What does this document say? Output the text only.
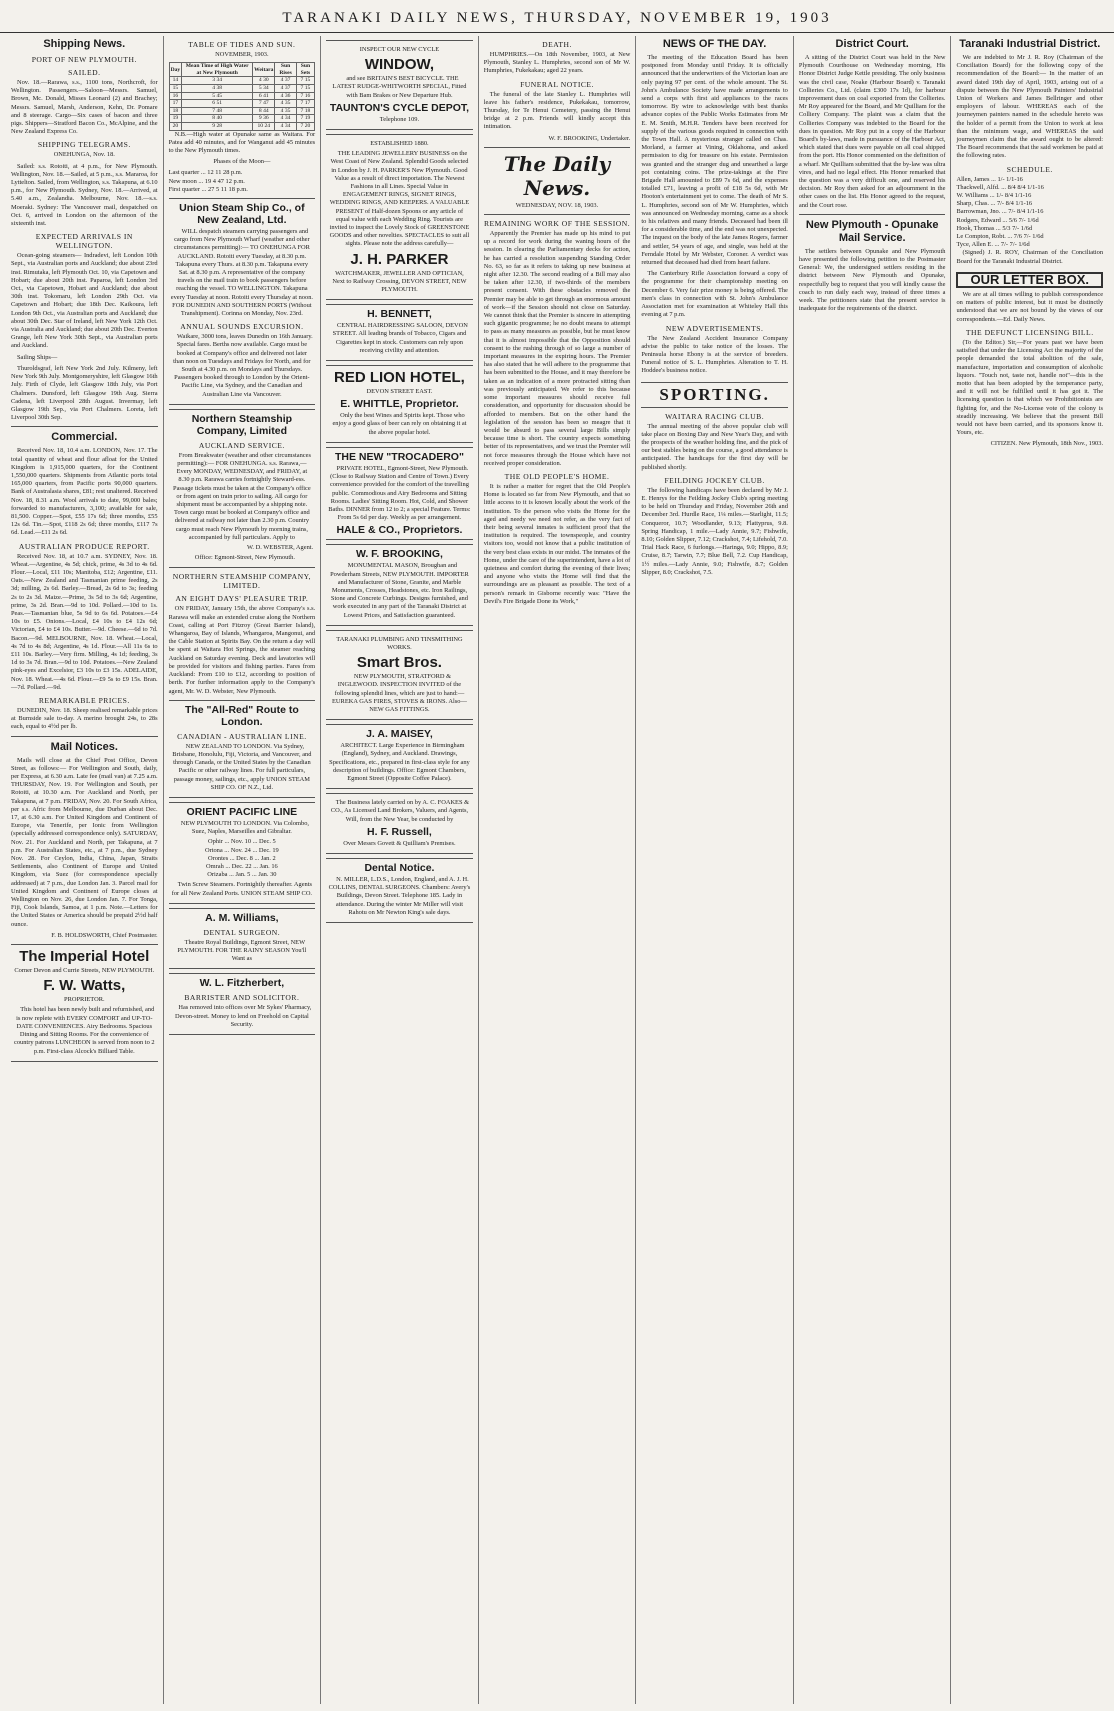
TARANAKI DAILY NEWS, THURSDAY, NOVEMBER 19, 1903
Shipping News.
PORT OF NEW PLYMOUTH.
SAILED.

Nov. 18.—Rarawa, s.s., 1100 tons, Northcroft, for Wellington. Passengers.—Saloon—Messrs. Samuel, Brown, Mc. Donald, Misses Leonard (2) and Brachey; Messrs. Samuel, Marsh, Anderson, Kehn, Dr. Pomare and 8 steerage. Cargo—Six cases of bacon and three pigs. Shippers—Stratford Bacon Co., McAlpine, and the New Zealand Express Co.

SHIPPING TELEGRAMS.

ONEHUNGA, Nov. 18.

Sailed: s.s. Rotoiti, at 4 p.m., for New Plymouth. Wellington, Nov. 18.—Sailed, at 5 p.m., s.s. Mararoa, for Lyttelton. Sailed, from Wellington, s.s. Takapuna, at 6.10 p.m., for New Plymouth. Sydney, Nov. 18.—Arrived, at 5.40 a.m., Zealandia. Melbourne, Nov. 18.—s.s. Moeraki. Sydney: The Vancouver mail, despatched on Oct. 6, arrived in London on the afternoon of the sixteenth inst.

EXPECTED ARRIVALS IN WELLINGTON.

Ocean-going steamers— Indradevi, left London 10th Sept., via Australian ports and Auckland; due about 23rd inst. Rimutaka, left Plymouth Oct. 10, via Capetown and Hobart; due about 20th inst. Paparoa, left London 3rd Oct., via Capetown, Hobart and Auckland; due about 30th inst. Tokomaru, left London 29th Oct. via Capetown and Hobart; due 18th Dec. Kaikoura, left London 9th Oct., via Australian ports and Auckland; due about 30th Dec. Star of Ireland, left New York 12th Oct. via Australia and Auckland; due about 20th Dec. Everton Grange, left New York 30th Sept., via Australian ports and Auckland.

Sailing Ships—

Thuroldsgraf, left New York 2nd July. Kilmeny, left New York 9th July. Montgomeryshire, left Glasgow 16th July. Firth of Clyde, left Glasgow 18th July, via Port Chalmers. Dunsford, left Glasgow 19th Aug. Sierra Cadena, left Liverpool 28th August. Invermay, left Glasgow 19th Sep., via Port Chalmers. Loreta, left Liverpool 30th Sep.

Commercial.

Received Nov. 18, 10.4 a.m. LONDON, Nov. 17. The total quantity of wheat and flour afloat for the United Kingdom is 1,915,000 quarters, for the Continent 1,550,000 quarters. Shipments from Atlantic ports total 165,000 quarters, from Pacific ports 90,000 quarters. Bank of Australasia shares, £81; rest unaltered. Received Nov. 18, 8.31 a.m. Wool arrivals to date, 99,000 bales; forwarded to manufacturers, 3,100; available for sale, 81,500. Copper.—Spot, £55 17s 6d; three months, £55 12s 6d. Tin.—Spot, £118 2s 6d; three months, £117 7s 6d. Lead.—£11 2s 6d.

AUSTRALIAN PRODUCE REPORT.

Received Nov. 18, at 10.7 a.m. SYDNEY, Nov. 18. Wheat.—Argentine, 4s 5d; chick, prime, 4s 3d to 4s 6d. Flour.—Local, £11 10s; Manitoba, £12; Argentine, £11. Oats.—New Zealand and Tasmanian prime feeding, 2s 3d; milling, 2s 6d. Barley.—Bread, 2s 6d to 3s; feeding 2s to 2s 3d. Maize.—Prime, 3s 5d to 3s 6d; Argentine, prime, 3s 2d. Bran.—9d to 10d. Pollard.—10d to 1s. Peas.—Tasmanian blue, 5s 9d to 6s 6d. Potatoes.—£4 10s to £5. Onions.—Local, £4 10s to £4 12s 6d; Victorian, £4 to £4 10s. Butter.—9d. Cheese.—6d to 7d. Bacon.—9d. MELBOURNE, Nov. 18. Wheat.—Local, 4s 7d to 4s 8d; Argentine, 4s 1d. Flour.—All 11s 6s to £11 10s. Barley.—Very firm. Milling, 4s 1d; feeding, 3s 1d to 3s 7d. Bran.—9d to 10d. Potatoes.—New Zealand pink-eyes and Excelsior, £3 10s to £3 15s. ADELAIDE, Nov. 18. Wheat.—4s 6d. Flour.—£9 5s to £9 15s. Bran.—7d. Pollard.—9d.

REMARKABLE PRICES.

DUNEDIN, Nov. 18. Sheep realised remarkable prices at Burnside sale to-day. A merino brought 24s, to 28s each, equal to 4½d per lb.

Mail Notices.

Mails will close at the Chief Post Office, Devon Street, as follows:— For Wellington and South, daily, per Express, at 6.30 a.m. Late fee (mail van) at 7.25 a.m. THURSDAY, Nov. 19. For Wellington and South, per Rotoiti, at 10.30 a.m. For Auckland and North, per Takapuna, at 7 p.m. FRIDAY, Nov. 20. For South Africa, per s.s. Afric from Melbourne, due Durban about Dec. 17, at 6.30 a.m. For United Kingdom and Continent of Europe, via Tenerife, per Ionic from Wellington (specially addressed correspondence only). SATURDAY, Nov. 21. For Auckland and North, per Takapuna, at 7 p.m. For Australian States, etc., at 7 p.m., due Sydney Nov. 28. For Ceylon, India, China, Japan, Straits Settlements, also Continent of Europe and United Kingdom, via Suez (for correspondence specially addressed) at 7 p.m., due London Jan. 3. Parcel mail for United Kingdom and Continent of Europe closes at Wellington on Nov. 26, due London Jan. 7. For Tonga, Fiji, Cook Islands, Samoa, at 1 p.m. Note.—Letters for the United States or America should be prepaid 2½d half ounce.

F. B. HOLDSWORTH, Chief Postmaster.

The Imperial Hotel

Corner Devon and Currie Streets, NEW PLYMOUTH.

F. W. Watts,

PROPRIETOR.

This hotel has been newly built and refurnished, and is now replete with EVERY COMFORT and UP-TO-DATE CONVENIENCES. Airy Bedrooms. Spacious Dining and Sitting Rooms. For the convenience of country patrons LUNCHEON is served from noon to 2 p.m. First-class Alcock's Billiard Table.

TABLE OF TIDES AND SUN.

NOVEMBER, 1903.

Day	Mean Time of High Water at New Plymouth	Weitara	Sun Rises	Sun Sets
14	3 34	4 30	4 37	7 15
15	4 38	5 34	4 37	7 15
16	5 45	6 41	4 36	7 16
17	6 51	7 47	4 35	7 17
18	7 48	8 44	4 35	7 18
19	8 40	9 36	4 34	7 19
20	9 28	10 24	4 34	7 20

N.B.—High water at Opunake same as Waitara. For Patea add 40 minutes, and for Wanganui add 45 minutes to the New Plymouth times.

Phases of the Moon—

Last quarter ... 12 11 28 p.m.
New moon ... 19 4 47 12 p.m.
First quarter ... 27 5 11 18 p.m.
Union Steam Ship Co., of New Zealand, Ltd.

WILL despatch steamers carrying passengers and cargo from New Plymouth Wharf (weather and other circumstances permitting):— TO ONEHUNGA FOR AUCKLAND. Rotoiti every Tuesday, at 8.30 p.m. Takapuna every Thurs. at 8.30 p.m. Takapuna every Sat. at 8.30 p.m. A representative of the company travels on the mail train to book passengers before reaching the vessel. TO WELLINGTON. Takapuna every Tuesday at noon. Rotoiti every Thursday at noon. FOR DUNEDIN AND SOUTHERN PORTS (Without Transhipment). Corinna on Monday, Nov. 23rd.

ANNUAL SOUNDS EXCURSION.

Waikare, 3000 tons, leaves Dunedin on 16th January. Special fares. Berths now available. Cargo must be booked at Company's office and delivered not later than noon on Tuesdays and Fridays for North, and for South at 4.30 p.m. on Mondays and Thursdays. Passengers booked through to London by the Orient-Pacific Line, via Sydney, and the Canadian and Australian Line via Vancouver.

Northern Steamship Company, Limited
AUCKLAND SERVICE.

From Breakwater (weather and other circumstances permitting):— FOR ONEHUNGA. s.s. Rarawa,— Every MONDAY, WEDNESDAY, and FRIDAY, at 8.30 p.m. Rarawa carries fortnightly Steward-ess. Passage tickets must be taken at the Company's office or from agent on train prior to sailing. All cargo for shipment must be accompanied by a shipping note. Town cargo must be booked at Company's office and delivered at railway not later than 2.30 p.m. Country cargo must reach New Plymouth by morning trains, accompanied by full particulars. Apply to

W. D. WEBSTER, Agent.

Office: Egmont-Street, New Plymouth.

NORTHERN STEAMSHIP COMPANY, LIMITED.
AN EIGHT DAYS' PLEASURE TRIP.

ON FRIDAY, January 15th, the above Company's s.s. Rarawa will make an extended cruise along the Northern Coast, calling at Port Fitzroy (Great Barrier Island), Whangaroa, Bay of Islands, Whangaroa, Mangonui, and the Cable Station at Spirits Bay. On the return a day will be spent at Waitara Hot Springs, the steamer reaching Auckland on Saturday evening. Deck and lavatories will be provided for visitors and fishing parties. Fares from Auckland: From £10 to £12, according to position of berth. For further information apply to the Company's agent, Mr. W. D. Webster, New Plymouth.

The "All-Red" Route to London.
CANADIAN - AUSTRALIAN LINE.

NEW ZEALAND TO LONDON. Via Sydney, Brisbane, Honolulu, Fiji, Victoria, and Vancouver, and through Canada, or the United States by the Canadian Pacific or other railway lines. For full particulars, passage money, sailings, etc., apply UNION STEAM SHIP CO. OF N.Z., Ltd.

ORIENT PACIFIC LINE

NEW PLYMOUTH TO LONDON. Via Colombo, Suez, Naples, Marseilles and Gibraltar.

Ophir ... Nov. 10 ... Dec. 5
Ortona ... Nov. 24 ... Dec. 19
Orontes ... Dec. 8 ... Jan. 2
Omrah ... Dec. 22 ... Jan. 16
Orizaba ... Jan. 5 ... Jan. 30

Twin Screw Steamers. Fortnightly thereafter. Agents for all New Zealand Ports. UNION STEAM SHIP CO.

A. M. Williams,
DENTAL SURGEON.

Theatre Royal Buildings, Egmont Street, NEW PLYMOUTH. FOR THE RAINY SEASON You'll Want as

W. L. Fitzherbert,
BARRISTER AND SOLICITOR.

Has removed into offices over Mr Sykes' Pharmacy, Devon-street. Money to lend on Freehold on Capital Security.

INSPECT OUR NEW CYCLE

WINDOW,

and see BRITAIN'S BEST BICYCLE. THE LATEST RUDGE-WHITWORTH SPECIAL, Fitted with Bam Brakes or New Departure Hub.

TAUNTON'S CYCLE DEPOT,

Telephone 109.

ESTABLISHED 1880.

THE LEADING JEWELLERY BUSINESS on the West Coast of New Zealand. Splendid Goods selected in London by J. H. PARKER'S New Plymouth. Good Value as a result of direct importation. The Newest Fashions in all Lines. Special Value in ENGAGEMENT RINGS, SIGNET RINGS, WEDDING RINGS, AND KEEPERS. A VALUABLE PRESENT of Half-dozen Spoons or any article of equal value with each Wedding Ring. Tourists are invited to inspect the Lovely Stock of GREENSTONE GOODS and other novelties. SPECTACLES to suit all sights. Please note the address carefully—

J. H. PARKER

WATCHMAKER, JEWELLER AND OPTICIAN, Next to Railway Crossing, DEVON STREET, NEW PLYMOUTH.

H. BENNETT,

CENTRAL HAIRDRESSING SALOON, DEVON STREET. All leading brands of Tobacco, Cigars and Cigarettes kept in stock. Customers can rely upon receiving civility and attention.

RED LION HOTEL,

DEVON STREET EAST.

E. WHITTLE, Proprietor.

Only the best Wines and Spirits kept. Those who enjoy a good glass of beer can rely on obtaining it at the above popular hotel.

THE NEW "TROCADERO"

PRIVATE HOTEL, Egmont-Street, New Plymouth. (Close to Railway Station and Centre of Town.) Every convenience provided for the comfort of the travelling public. Commodious and Airy Bedrooms and Sitting Rooms. Ladies' Sitting Room. Hot, Cold, and Shower Baths. DINNER from 12 to 2; a special Feature. Terms: From 5s 6d per day. Weekly as per arrangement.

HALE & CO., Proprietors.
W. F. BROOKING,

MONUMENTAL MASON, Broughan and Powderham Streets, NEW PLYMOUTH. IMPORTER and Manufacturer of Stone, Granite, and Marble Monuments, Crosses, Headstones, etc. Iron Railings, Stone and Concrete Curbings. Designs furnished, and work executed in any part of the Taranaki District at Lowest Prices, and Satisfaction guaranteed.

TARANAKI PLUMBING AND TINSMITHING WORKS.

Smart Bros.

NEW PLYMOUTH, STRATFORD & INGLEWOOD. INSPECTION INVITED of the following splendid lines, which are just to hand:— EUREKA GAS FIRES, STOVES & IRONS. Also—NEW GAS FITTINGS.

J. A. MAISEY,

ARCHITECT. Large Experience in Birmingham (England), Sydney, and Auckland. Drawings, Specifications, etc., prepared in first-class style for any description of buildings. Office: Egmont Chambers, Egmont Street (Opposite Coffee Palace).

The Business lately carried on by A. C. FOAKES & CO., As Licensed Land Brokers, Valuers, and Agents, Will, from the New Year, be conducted by

H. F. Russell,

Over Messrs Govett & Quilliam's Premises.

Dental Notice.

N. MILLER, L.D.S., London, England, and A. J. H. COLLINS, DENTAL SURGEONS. Chambers: Avery's Buildings, Devon Street. Telephone 185. Lady in attendance. During the winter Mr Miller will visit Rahotu on Mr Newton King's sale days.

DEATH.

HUMPHRIES.—On 18th November, 1903, at New Plymouth, Stanley L. Humphries, second son of Mr W. Humphries, Fukekakau; aged 22 years.

FUNERAL NOTICE.

The funeral of the late Stanley L. Humphries will leave his father's residence, Pukekakau, tomorrow, Thursday, for Te Henui Cemetery, passing the Henui bridge at 2 p.m. Friends will kindly accept this intimation.

W. F. BROOKING, Undertaker.

The Daily News.

WEDNESDAY, NOV. 18, 1903.

REMAINING WORK OF THE SESSION.

Apparently the Premier has made up his mind to put up a record for work during the waning hours of the session. In clearing the Parliamentary decks for action, he has carried a resolution suspending Standing Order No. 63, so far as it refers to taking up new business at night after 12.30. The second reading of a Bill may also be taken after 12.30, if two-thirds of the members present consent. With these obstacles removed the Premier may be able to get through an enormous amount of work—if the Session should not close on Saturday. We cannot think that the Premier is sincere in attempting such gigantic programme; he no doubt means to attempt to pass as many measures as possible, but he must know that it is almost impossible that the Opposition should consent to the rushing through of so large a number of important measures in the expiring hours. The Premier has also stated that he will adhere to the programme that has been submitted to the House, and it may therefore be taken as an indication of a more protracted sitting than was previously anticipated. We refer to this because some important measures should receive full consideration, and opportunity for discussion should be afforded to members. But on the other hand the legislation of the session has been so meagre that it would be absurd to pass several large Bills simply because time is short. The country expects something better of its representatives, and we trust the Premier will not force measures through the House which have not received proper consideration.

THE OLD PEOPLE'S HOME.

It is rather a matter for regret that the Old People's Home is located so far from New Plymouth, and that so little access to it is known locally about the work of the institution. To the person who visits the Home for the aged and needy we need not refer, as the very fact of their being several inmates is sufficient proof that the institution is required. The townspeople, and country visitors too, would not know that a public institution of the very best class exists in our midst. The inmates of the Home, under the care of the superintendent, have a lot of quietness and comfort during the evening of their lives; and anyone who visits the Home will find that the surroundings are as pleasant as possible. The text of a person's remark in Gisborne recently was: "Have the Devil's Fire Brigade Done its Work,"

NEWS OF THE DAY.

The meeting of the Education Board has been postponed from Monday until Friday. It is officially announced that the underwriters of the Victorian loan are only paying 97 per cent. of the whole amount. The St. John's Ambulance Society have made arrangements to send a corps with first aid appliances to the races tomorrow. By wire to acknowledge with best thanks advance copies of the Public Works Estimates from Mr E. M. Smith, M.H.R. Tenders have been received for supply of the various goods required in connection with the Town Hall. A mysterious stranger called on Chas. Morland, a farmer at Vining, Oklahoma, and asked permission to dig for treasure on his estate. Permission was granted and the stranger dug and unearthed a large pot containing coins. The prize-takings at the Fire Brigade Hall amounted to £89 7s 6d, and the expenses totalled £71, leaving a profit of £18 5s 6d, with Mr Hooton's entertainment yet to come. The death of Mr S. L. Humphries, second son of Mr W. Humphries, which was announced on Wednesday morning, came as a shock to his relatives and many friends. Deceased had been ill for a considerable time, and the end was not unexpected. The inquest on the body of the late James Rogers, farmer and settler, 54 years of age, and single, was held at the Ferndale Hotel by Mr Webster, Coroner. A verdict was returned that deceased had died from heart failure.

The Canterbury Rifle Association forward a copy of the programme for their championship meeting on December 6. Very fair prize money is being offered. The men's class in connection with St. John's Ambulance Association met for examination at Whiteley Hall this evening at 7 p.m.

NEW ADVERTISEMENTS.

The New Zealand Accident Insurance Company advise the public to take notice of the losses. The Peninsula horse Ebony is at the service of breeders. Funeral notice of S. L. Humphries. Alteration to T. H. Hoddee's business notice.

SPORTING.
WAITARA RACING CLUB.

The annual meeting of the above popular club will take place on Boxing Day and New Year's Day, and with the prospects of the weather holding fine, and the pick of our best stables being on the course, a good attendance is anticipated. The handicaps for the first day will be published shortly.

FEILDING JOCKEY CLUB.

The following handicaps have been declared by Mr J. E. Henrys for the Feilding Jockey Club's spring meeting to be held on Thursday and Friday, November 26th and December 3rd. Hurdle Race, 1¼ miles.—Starlight, 11.5; Conqueror, 10.7; Woodlander, 9.13; Flattyprus, 9.8. Spring Handicap, 1 mile.—Lady Annie, 9.7; Fishwife, 8.10; Golden Slipper, 7.12; Crackshot, 7.4; Lifehold, 7.0. Trial Hack Race, 6 furlongs.—Haringa, 9.0; Hippo, 8.9; Cruise, 8.7; Tarwin, 7.7; Blue Bell, 7.2. Cup Handicap, 1½ miles.—Lady Annie, 9.0; Fishwife, 8.7; Golden Slipper, 8.0; Crackshot, 7.5.

District Court.

A sitting of the District Court was held in the New Plymouth Courthouse on Wednesday morning, His Honor District Judge Kettle presiding. The only business was the civil case, Noake (Harbour Board) v. Taranaki Collieries Co., Ltd. (claim £300 17s 1d), for harbour improvement dues on coal exported from the Collieries. Mr Roy appeared for the Board, and Mr Quilliam for the Colliery Company. The plaint was a claim that the Collieries Company was indebted to the Board for the dues in question. Mr Roy put in a copy of the Harbour Board's by-laws, made in pursuance of the Harbour Act, which stated that dues were payable on all coal shipped from the port. His Honor commented on the definition of a wharf. Mr Quilliam submitted that the by-law was ultra vires, and had no legal effect. His Honor remarked that the question was a very difficult one, and reserved his decision. Mr Roy then asked for an adjournment in the other cases on the list. His Honor agreed to the request, and the Court rose.

New Plymouth - Opunake Mail Service.

The settlers between Opunake and New Plymouth have presented the following petition to the Postmaster General: We, the undersigned settlers residing in the district between New Plymouth and Opunake, respectfully beg to request that you will kindly cause the coach to run daily each way, instead of three times a week. The petitioners state that the present service is inadequate for the requirements of the district.

Taranaki Industrial District.

We are indebted to Mr J. R. Roy (Chairman of the Conciliation Board) for the following copy of the recommendation of the Board:— In the matter of an award dated 19th day of April, 1903, arising out of a dispute between the New Plymouth Painters' Industrial Union of Workers and James Bellringer and other employers of labour. WHEREAS each of the journeymen painters named in the schedule hereto was the holder of a permit from the Union to work at less than the minimum wage, and WHEREAS the said journeymen claim that the award ought to be altered: The Board recommends that the said workmen be paid at the following rates.

SCHEDULE.
Allen, James ... 1/- 1/1-16
Thackwell, Alfd. ... 8/4 8/4 1/1-16
W. Williams ... 1/- 8/4 1/1-16
Sharp, Chas. ... 7/- 8/4 1/1-16
Barrowman, Jno. ... 7/- 8/4 1/1-16
Rodgers, Edward ... 5/6 7/- 1/6d
Hook, Thomas ... 5/3 7/- 1/6d
Le Compton, Robt. ... 7/6 7/- 1/6d
Tyce, Allen E. ... 7/- 7/- 1/6d

(Signed) J. R. ROY, Chairman of the Conciliation Board for the Taranaki Industrial District.

OUR LETTER BOX.

We are at all times willing to publish correspondence on matters of public interest, but it must be distinctly understood that we are not bound by the views of our correspondents.—Ed. Daily News.

THE DEFUNCT LICENSING BILL.

(To the Editor.) Sir,—For years past we have been satisfied that under the Licensing Act the majority of the people demanded the total abolition of the sale, manufacture, importation and consumption of alcoholic liquors. "Touch not, taste not, handle not"—this is the motto that has been adopted by the temperance party, and it will not be fulfilled until it has got it. The licensing question is that which we Prohibitionists are fighting for, and the No-License vote of the colony is steadily increasing. We believe that the present Bill would not have been carried, and its sponsors know it. Yours, etc.

CITIZEN. New Plymouth, 18th Nov., 1903.
